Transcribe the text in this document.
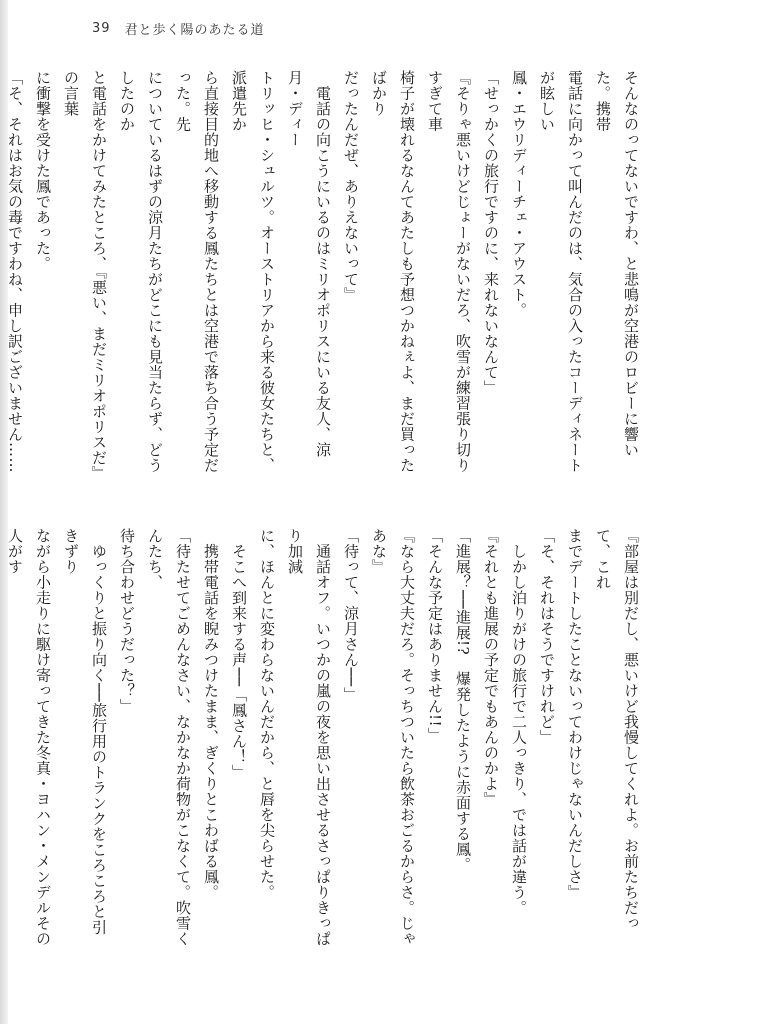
39 君と歩く陽のあたる道

そんなのってないですわ、と悲鳴が空港のロビーに響いた。携帯

電話に向かって叫んだのは、気合の入ったコーディネートが眩しい

鳳・エウリディーチェ・アウスト。

「せっかくの旅行ですのに、来れないなんて」

『そりゃ悪いけどじょーがないだろ、吹雪が練習張り切りすぎて車

椅子が壊れるなんてあたしも予想つかねぇよ、まだ買ったばかり

だったんだぜ、ありえないって』

　電話の向こうにいるのはミリオポリスにいる友人、涼月・ディー

トリッヒ・シュルツ。オーストリアから来る彼女たちと、派遣先か

ら直接目的地へ移動する鳳たちとは空港で落ち合う予定だった。先

についているはずの涼月たちがどこにも見当たらず、どうしたのか

と電話をかけてみたところ、『悪い、まだミリオポリスだ』の言葉

に衝撃を受けた鳳であった。

「そ、それはお気の毒ですわね、申し訳ございません……

『部屋は別だし、悪いけど我慢してくれよ。お前たちだって、これ

までデートしたことないってわけじゃないんだしさ』

「そ、それはそうですけれど」

　しかし泊りがけの旅行で二人っきり、では話が違う。

『それとも進展の予定でもあんのかよ』

「進展？──進展!?　爆発したように赤面する鳳。

「そんな予定はありません!!」

『なら大丈夫だろ。そっちついたら飲茶おごるからさ。じゃあな』

「待って、涼月さん──」

　通話オフ。いつかの嵐の夜を思い出させるさっぱりきっぱり加減

に、ほんとに変わらないんだから、と唇を尖らせた。

　そこへ到来する声──「鳳さん！」

　携帯電話を睨みつけたまま、ぎくりとこわばる鳳。

「待たせてごめんなさい、なかなか荷物がこなくて。吹雪くんたち、

待ち合わせどうだった？」

　ゆっくりと振り向く──旅行用のトランクをころころと引きずり

ながら小走りに駆け寄ってきた冬真・ヨハン・メンデルその人がす
